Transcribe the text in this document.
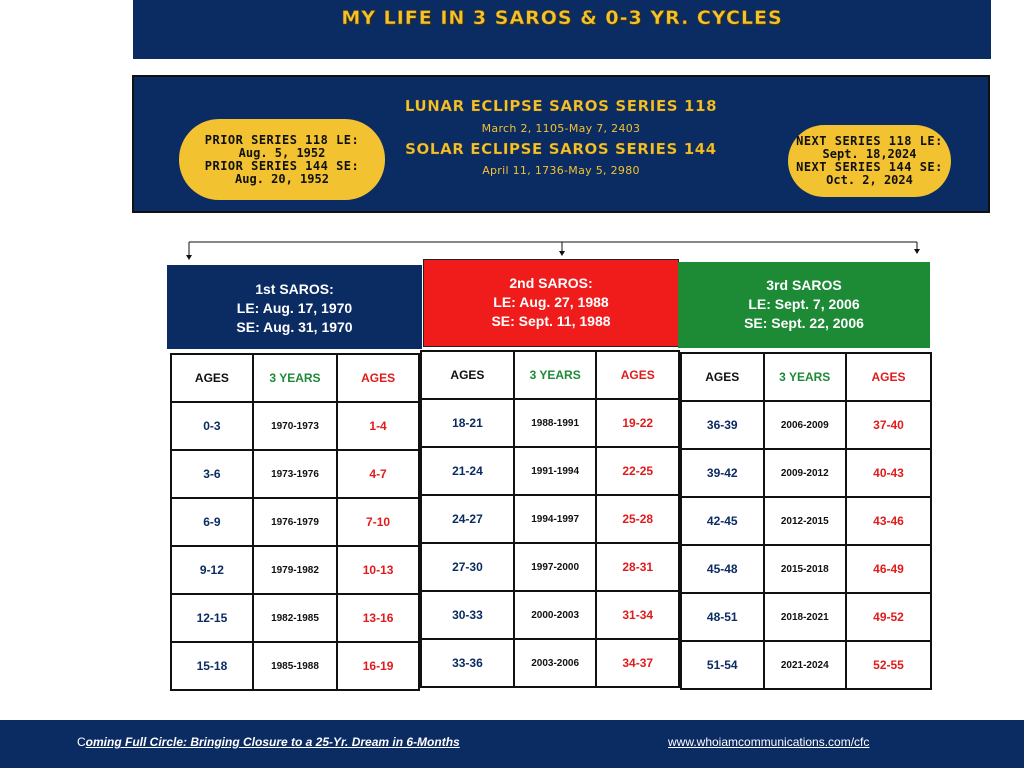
MY LIFE IN 3 SAROS & 0-3 YR. CYCLES
PRIOR SERIES 118 LE:
Aug. 5, 1952
PRIOR SERIES 144 SE:
Aug. 20, 1952
LUNAR ECLIPSE SAROS SERIES 118
March 2, 1105-May 7, 2403
SOLAR ECLIPSE SAROS SERIES 144
April 11, 1736-May 5, 2980
NEXT SERIES 118 LE:
Sept. 18,2024
NEXT SERIES 144 SE:
Oct. 2, 2024
1st SAROS:
LE: Aug. 17, 1970
SE: Aug. 31, 1970
2nd SAROS:
LE: Aug. 27, 1988
SE: Sept. 11, 1988
3rd SAROS
LE: Sept. 7, 2006
SE: Sept. 22, 2006
AGES	3 YEARS	AGES
0-3	1970-1973	1-4
3-6	1973-1976	4-7
6-9	1976-1979	7-10
9-12	1979-1982	10-13
12-15	1982-1985	13-16
15-18	1985-1988	16-19
AGES	3 YEARS	AGES
18-21	1988-1991	19-22
21-24	1991-1994	22-25
24-27	1994-1997	25-28
27-30	1997-2000	28-31
30-33	2000-2003	31-34
33-36	2003-2006	34-37
AGES	3 YEARS	AGES
36-39	2006-2009	37-40
39-42	2009-2012	40-43
42-45	2012-2015	43-46
45-48	2015-2018	46-49
48-51	2018-2021	49-52
51-54	2021-2024	52-55
Coming Full Circle: Bringing Closure to a 25-Yr. Dream in 6-Months	www.whoiamcommunications.com/cfc
